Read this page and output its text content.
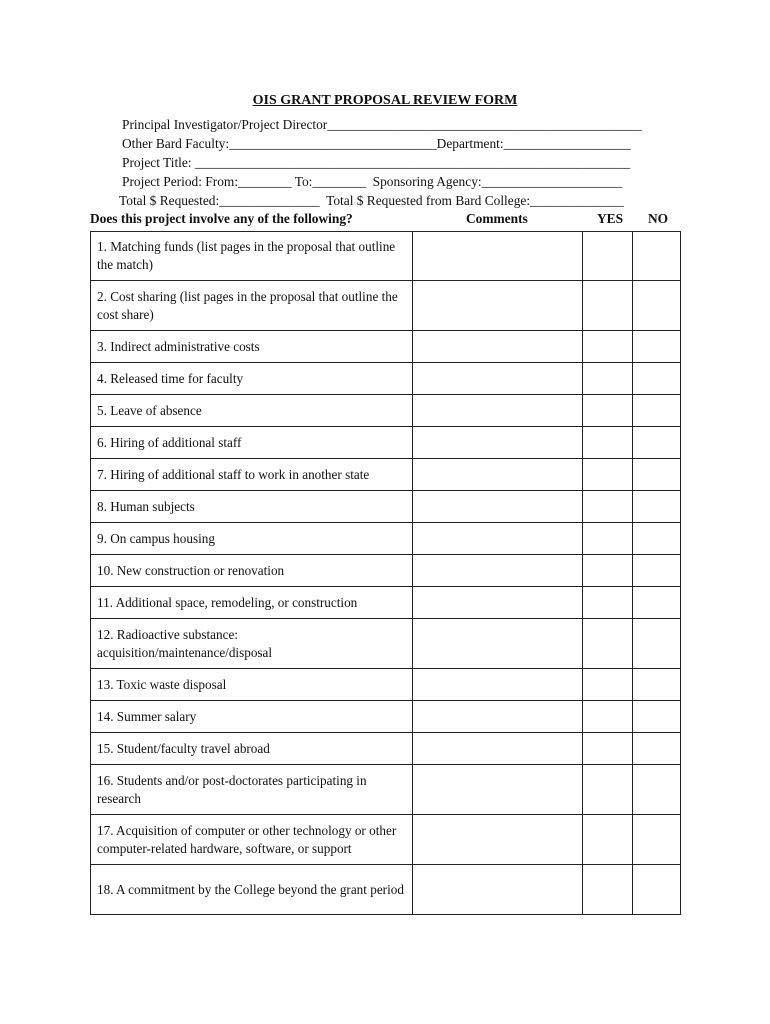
OIS GRANT PROPOSAL REVIEW FORM
Principal Investigator/Project Director_______________________________________________
Other Bard Faculty:_______________________________Department:___________________
Project Title: _________________________________________________________________
Project Period: From:________ To:________  Sponsoring Agency:_____________________
Total $ Requested:_______________  Total $ Requested from Bard College:______________
Does this project involve any of the following?	Comments	YES NO
1. Matching funds (list pages in the proposal that outline the match)			
2. Cost sharing (list pages in the proposal that outline the cost share)			
3. Indirect administrative costs			
4. Released time for faculty			
5. Leave of absence			
6. Hiring of additional staff			
7. Hiring of additional staff to work in another state			
8. Human subjects			
9. On campus housing			
10. New construction or renovation			
11. Additional space, remodeling, or construction			
12. Radioactive substance: acquisition/maintenance/disposal			
13. Toxic waste disposal			
14. Summer salary			
15. Student/faculty travel abroad			
16. Students and/or post-doctorates participating in research			
17. Acquisition of computer or other technology or other computer-related hardware, software, or support			
18. A commitment by the College beyond the grant period			
